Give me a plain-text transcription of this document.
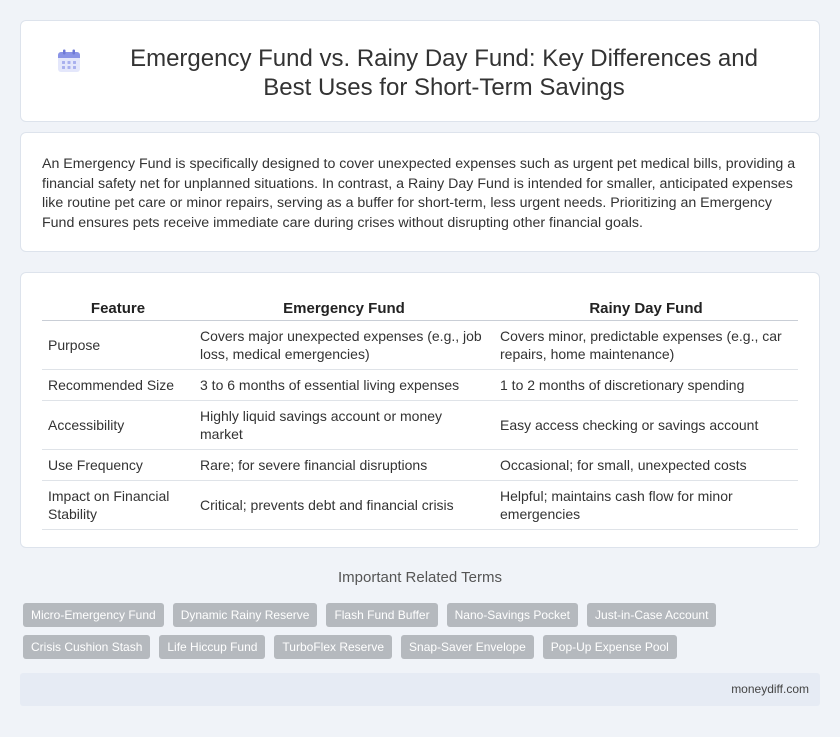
Emergency Fund vs. Rainy Day Fund: Key Differences and Best Uses for Short-Term Savings

An Emergency Fund is specifically designed to cover unexpected expenses such as urgent pet medical bills, providing a financial safety net for unplanned situations. In contrast, a Rainy Day Fund is intended for smaller, anticipated expenses like routine pet care or minor repairs, serving as a buffer for short-term, less urgent needs. Prioritizing an Emergency Fund ensures pets receive immediate care during crises without disrupting other financial goals.

Feature	Emergency Fund	Rainy Day Fund
Purpose	Covers major unexpected expenses (e.g., job loss, medical emergencies)	Covers minor, predictable expenses (e.g., car repairs, home maintenance)
Recommended Size	3 to 6 months of essential living expenses	1 to 2 months of discretionary spending
Accessibility	Highly liquid savings account or money market	Easy access checking or savings account
Use Frequency	Rare; for severe financial disruptions	Occasional; for small, unexpected costs
Impact on Financial Stability	Critical; prevents debt and financial crisis	Helpful; maintains cash flow for minor emergencies
Important Related Terms
Micro-Emergency Fund	Dynamic Rainy Reserve	Flash Fund Buffer	Nano-Savings Pocket	Just-in-Case Account
Crisis Cushion Stash	Life Hiccup Fund	TurboFlex Reserve	Snap-Saver Envelope	Pop-Up Expense Pool
moneydiff.com
